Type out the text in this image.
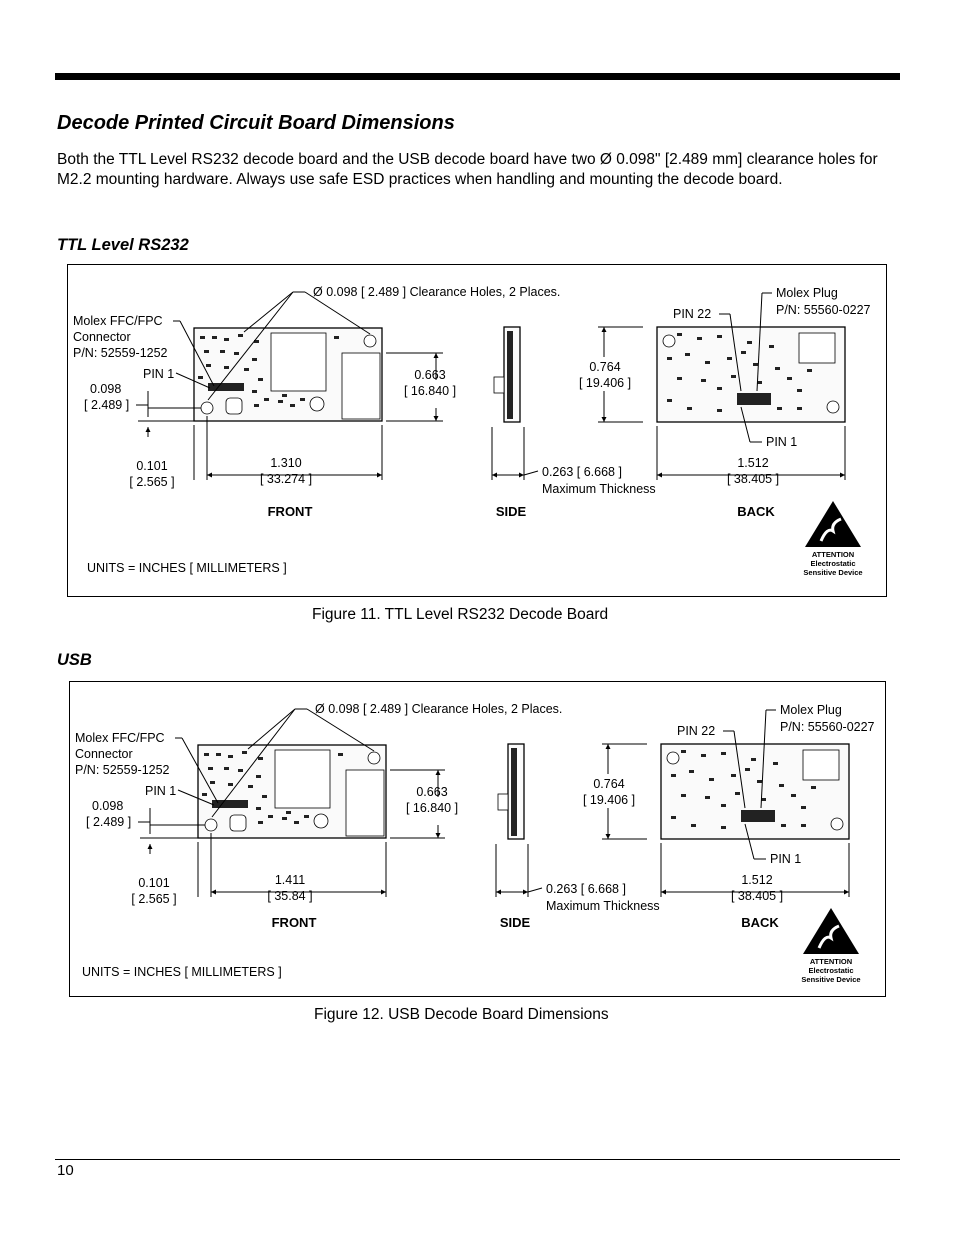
Decode Printed Circuit Board Dimensions

Both the TTL Level RS232 decode board and the USB decode board have two Ø 0.098" [2.489 mm] clearance holes for M2.2 mounting hardware. Always use safe ESD practices when handling and mounting the decode board.

TTL Level RS232
Molex FFC/FPC
Connector
P/N: 52559-1252
PIN 1
Ø 0.098 [ 2.489 ] Clearance Holes, 2 Places.
0.098
[ 2.489 ]
0.101
[ 2.565 ]
1.310
[ 33.274 ]
0.663
[ 16.840 ]
0.263 [ 6.668 ]
Maximum Thickness
0.764
[ 19.406 ]
PIN 22
Molex Plug
P/N: 55560-0227
PIN 1
1.512
[ 38.405 ]
FRONT	SIDE	BACK
UNITS = INCHES [ MILLIMETERS ]
ATTENTION
Electrostatic
Sensitive Device
Figure 11. TTL Level RS232 Decode Board
USB
Molex FFC/FPC
Connector
P/N: 52559-1252
PIN 1
Ø 0.098 [ 2.489 ] Clearance Holes, 2 Places.
0.098
[ 2.489 ]
0.101
[ 2.565 ]
1.411
[ 35.84 ]
0.663
[ 16.840 ]
0.263 [ 6.668 ]
Maximum Thickness
0.764
[ 19.406 ]
PIN 22
Molex Plug
P/N: 55560-0227
PIN 1
1.512
[ 38.405 ]
FRONT	SIDE	BACK
UNITS = INCHES [ MILLIMETERS ]
ATTENTION
Electrostatic
Sensitive Device
Figure 12. USB Decode Board Dimensions
10
